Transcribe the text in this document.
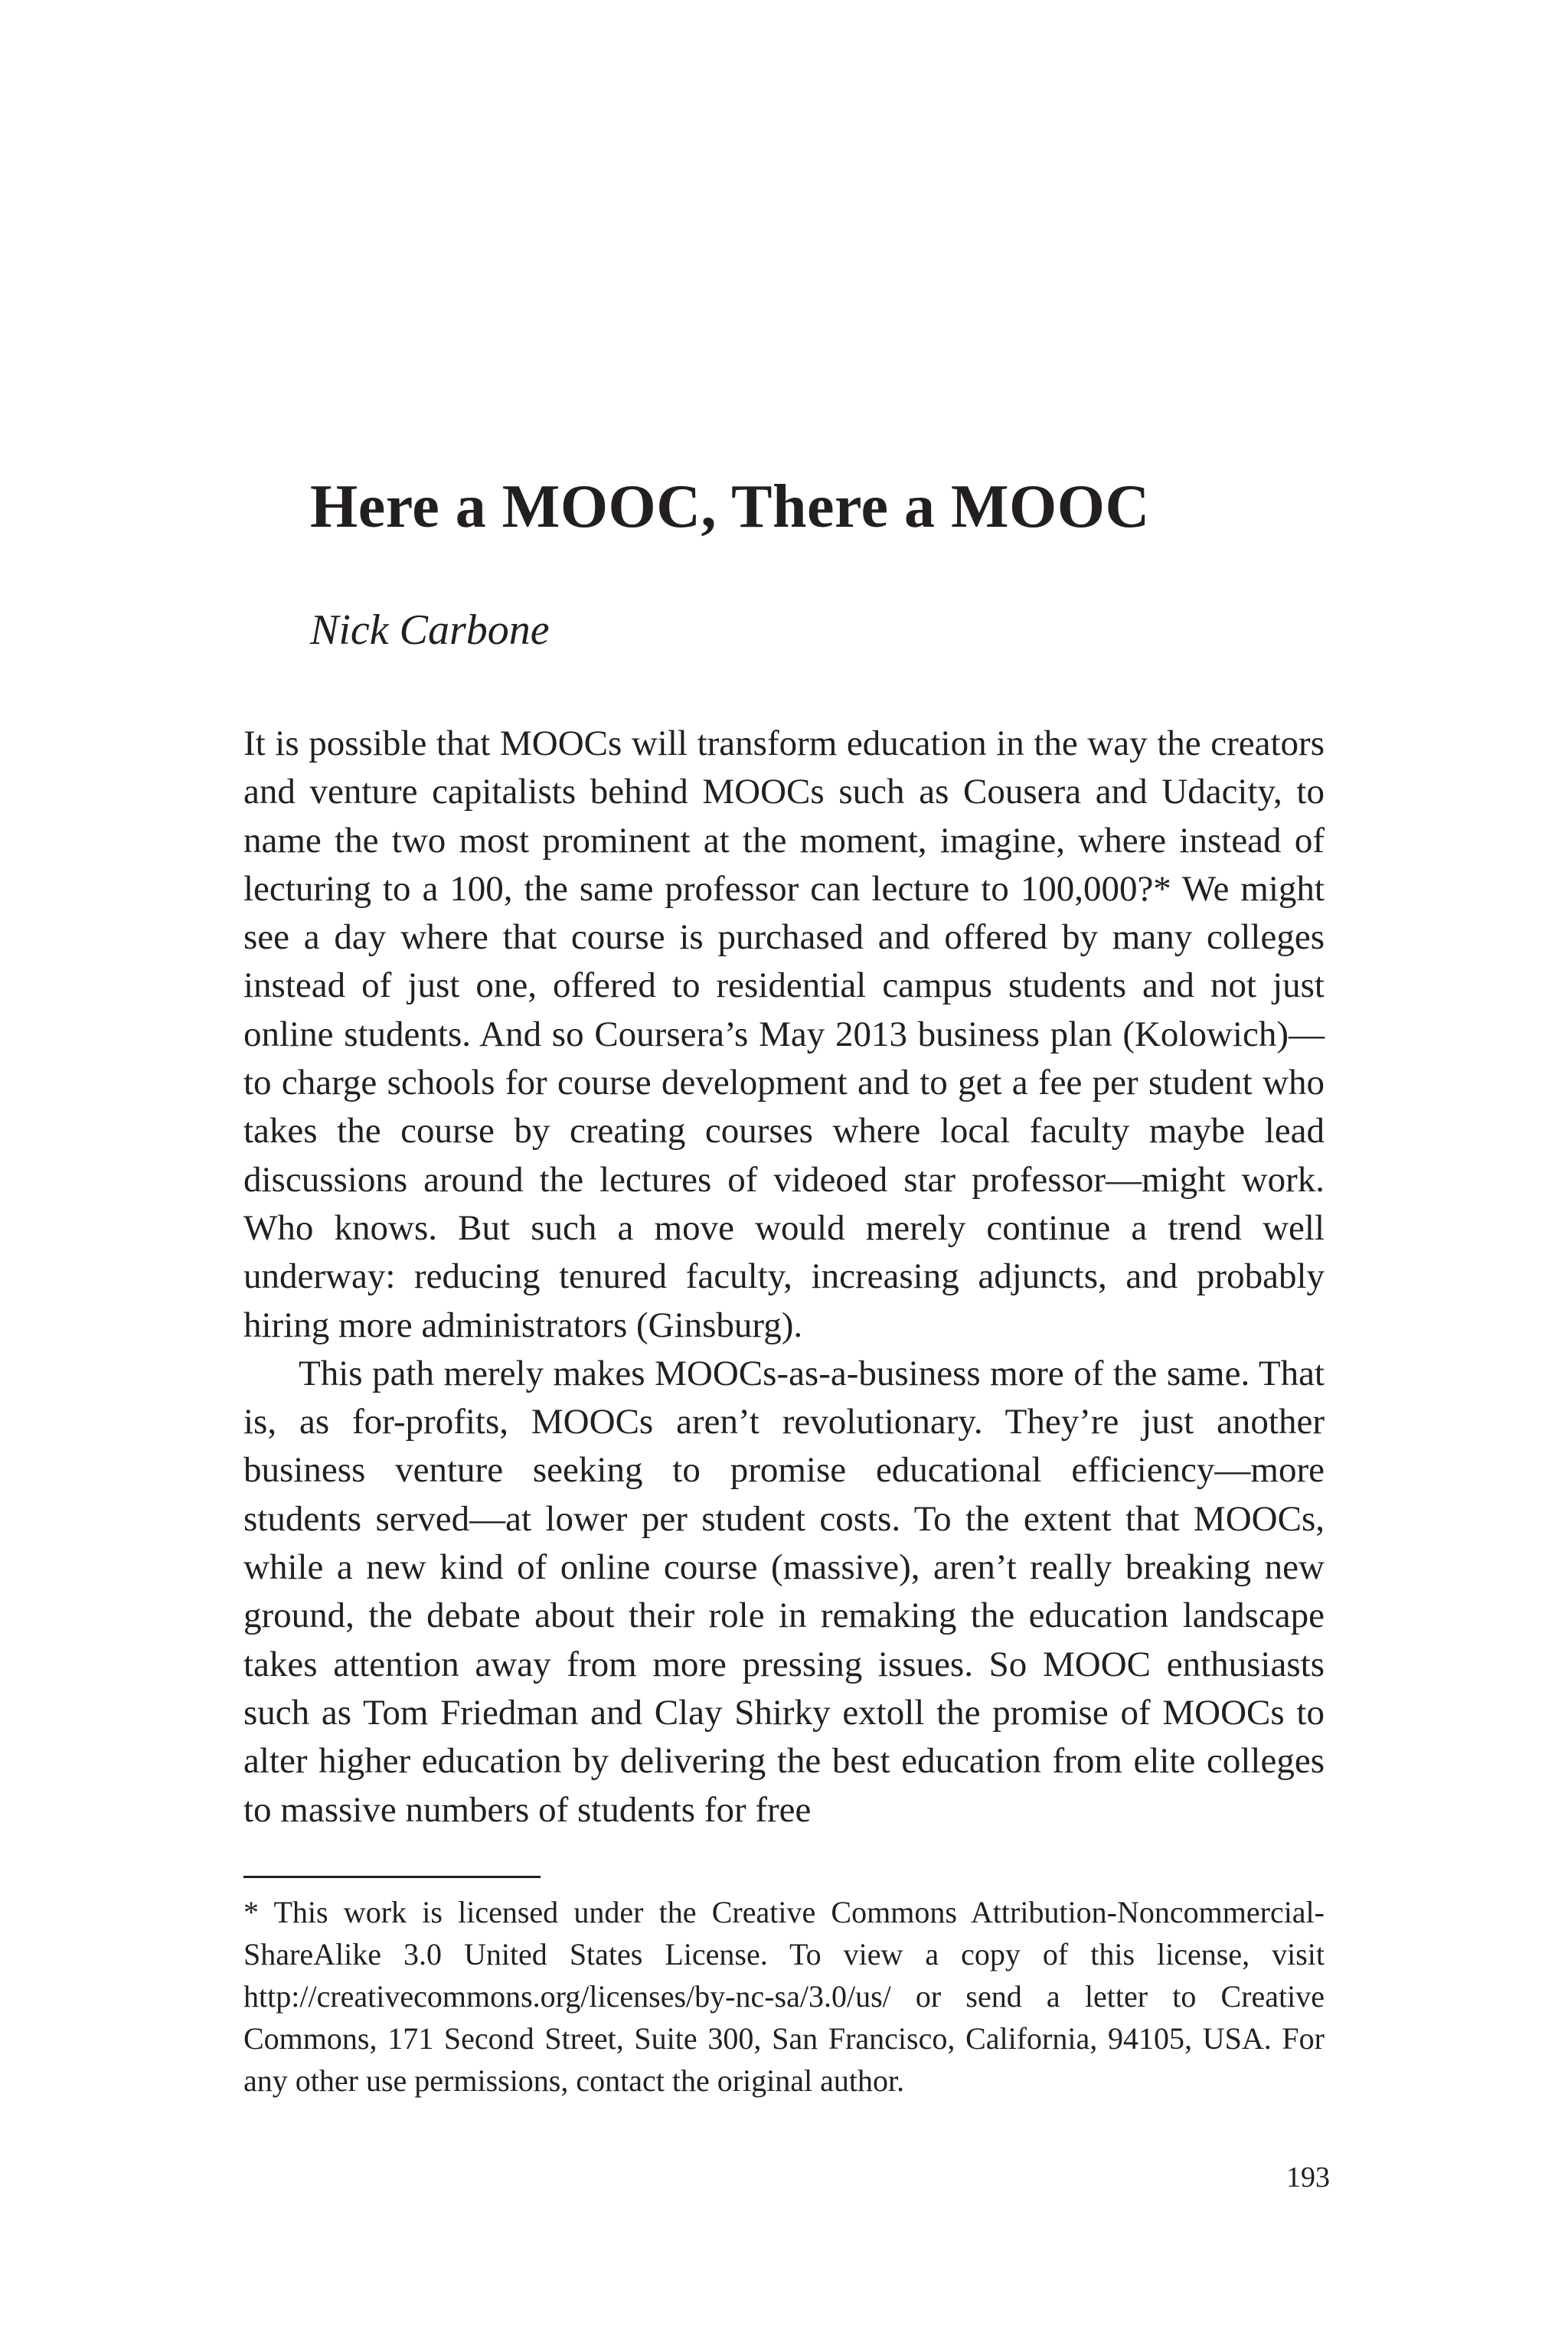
Here a MOOC, There a MOOC

Nick Carbone

It is possible that MOOCs will transform education in the way the creators and venture capitalists behind MOOCs such as Cousera and Udacity, to name the two most prominent at the moment, imagine, where instead of lecturing to a 100, the same professor can lecture to 100,000?* We might see a day where that course is purchased and offered by many colleges instead of just one, offered to residential campus students and not just online students. And so Coursera’s May 2013 business plan (Kolowich)—to charge schools for course development and to get a fee per student who takes the course by creating courses where local faculty maybe lead discussions around the lectures of videoed star professor—might work. Who knows. But such a move would merely continue a trend well underway: reducing tenured faculty, increasing adjuncts, and probably hiring more administrators (Ginsburg).

This path merely makes MOOCs-as-a-business more of the same. That is, as for-profits, MOOCs aren’t revolutionary. They’re just another business venture seeking to promise educational efficiency—more students served—at lower per student costs. To the extent that MOOCs, while a new kind of online course (massive), aren’t really breaking new ground, the debate about their role in remaking the education landscape takes attention away from more pressing issues. So MOOC enthusiasts such as Tom Friedman and Clay Shirky extoll the promise of MOOCs to alter higher education by delivering the best education from elite colleges to massive numbers of students for free

* This work is licensed under the Creative Commons Attribution-Noncommercial-ShareAlike 3.0 United States License. To view a copy of this license, visit http://creativecommons.org/licenses/by-nc-sa/3.0/us/ or send a letter to Creative Commons, 171 Second Street, Suite 300, San Francisco, California, 94105, USA. For any other use permissions, contact the original author.

193
